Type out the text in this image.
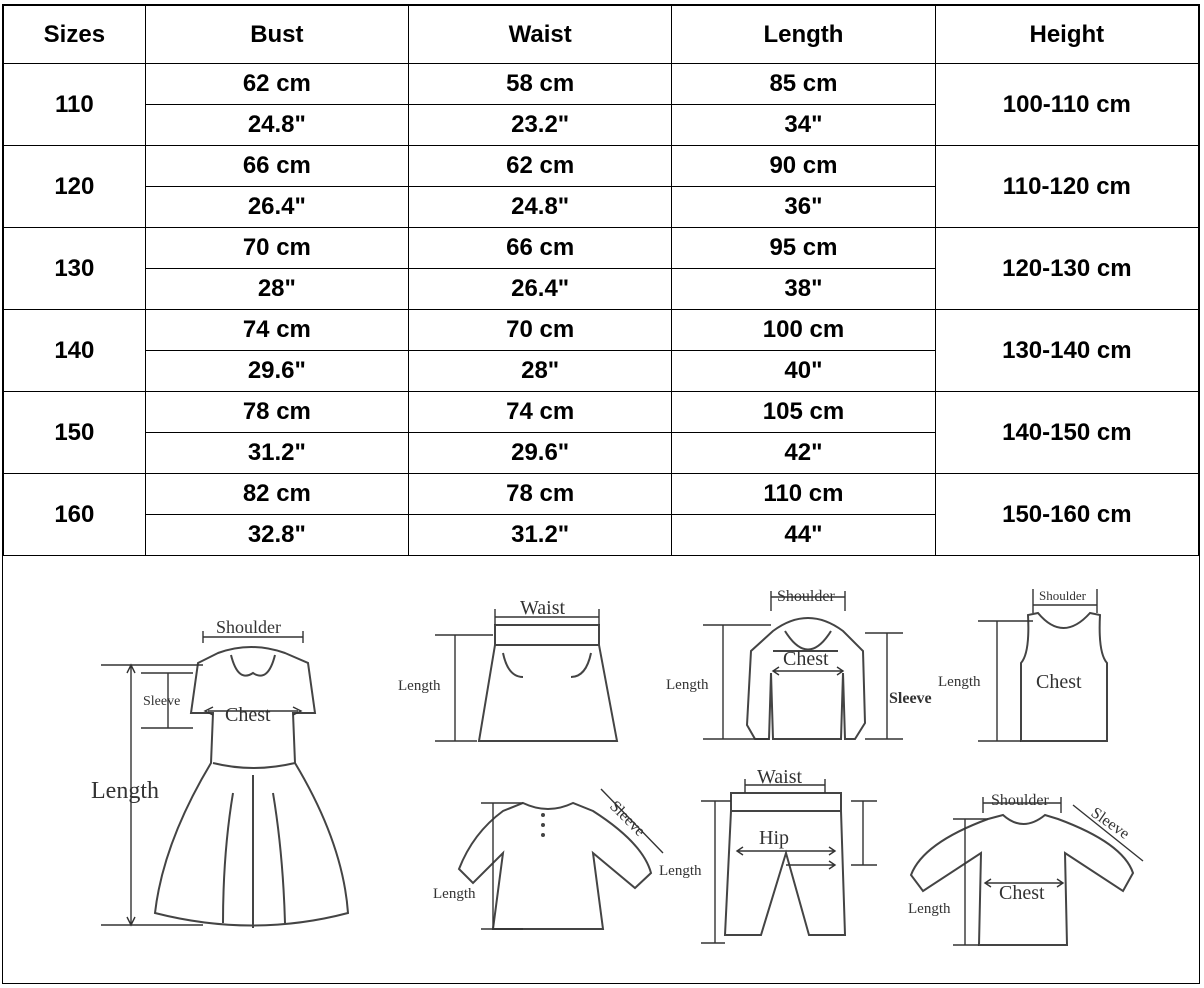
Sizes	Bust	Waist	Length	Height
110	62 cm	58 cm	85 cm	100-110 cm
	24.8"	23.2"	34"	
120	66 cm	62 cm	90 cm	110-120 cm
	26.4"	24.8"	36"	
130	70 cm	66 cm	95 cm	120-130 cm
	28"	26.4"	38"	
140	74 cm	70 cm	100 cm	130-140 cm
	29.6"	28"	40"	
150	78 cm	74 cm	105 cm	140-150 cm
	31.2"	29.6"	42"	
160	82 cm	78 cm	110 cm	150-160 cm
	32.8"	31.2"	44"	
Shoulder
Sleeve
Chest
Length
Waist
Length
Shoulder
Chest
Length
Sleeve
Shoulder
Chest
Length
Length
Sleeve
Waist
Hip
Length
Shoulder
Sleeve
Chest
Length
